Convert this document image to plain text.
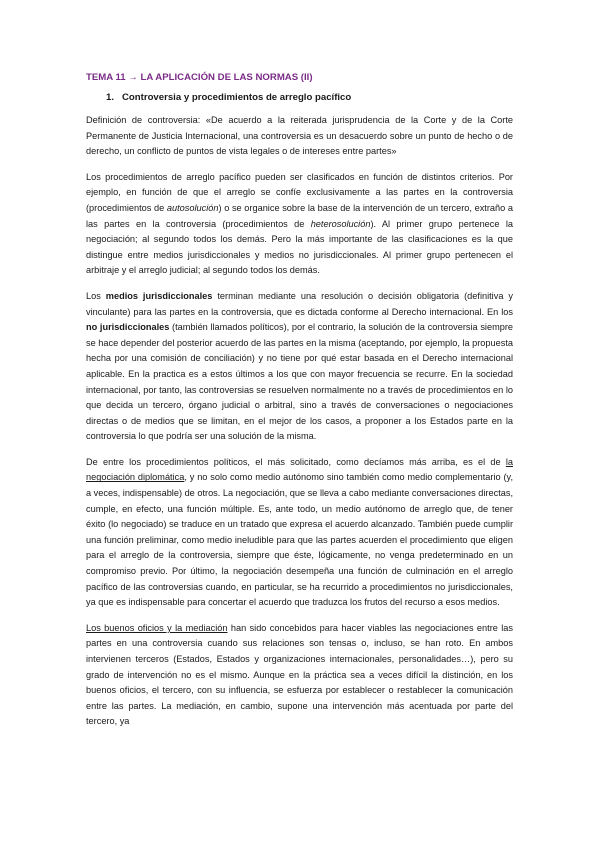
TEMA 11 → LA APLICACIÓN DE LAS NORMAS (II)
1. Controversia y procedimientos de arreglo pacífico

Definición de controversia: «De acuerdo a la reiterada jurisprudencia de la Corte y de la Corte Permanente de Justicia Internacional, una controversia es un desacuerdo sobre un punto de hecho o de derecho, un conflicto de puntos de vista legales o de intereses entre partes»

Los procedimientos de arreglo pacífico pueden ser clasificados en función de distintos criterios. Por ejemplo, en función de que el arreglo se confíe exclusivamente a las partes en la controversia (procedimientos de autosolución) o se organice sobre la base de la intervención de un tercero, extraño a las partes en la controversia (procedimientos de heterosolución). Al primer grupo pertenece la negociación; al segundo todos los demás. Pero la más importante de las clasificaciones es la que distingue entre medios jurisdiccionales y medios no jurisdiccionales. Al primer grupo pertenecen el arbitraje y el arreglo judicial; al segundo todos los demás.

Los medios jurisdiccionales terminan mediante una resolución o decisión obligatoria (definitiva y vinculante) para las partes en la controversia, que es dictada conforme al Derecho internacional. En los no jurisdiccionales (también llamados políticos), por el contrario, la solución de la controversia siempre se hace depender del posterior acuerdo de las partes en la misma (aceptando, por ejemplo, la propuesta hecha por una comisión de conciliación) y no tiene por qué estar basada en el Derecho internacional aplicable. En la practica es a estos últimos a los que con mayor frecuencia se recurre. En la sociedad internacional, por tanto, las controversias se resuelven normalmente no a través de procedimientos en lo que decida un tercero, órgano judicial o arbitral, sino a través de conversaciones o negociaciones directas o de medios que se limitan, en el mejor de los casos, a proponer a los Estados parte en la controversia lo que podría ser una solución de la misma.

De entre los procedimientos políticos, el más solicitado, como decíamos más arriba, es el de la negociación diplomática, y no solo como medio autónomo sino también como medio complementario (y, a veces, indispensable) de otros. La negociación, que se lleva a cabo mediante conversaciones directas, cumple, en efecto, una función múltiple. Es, ante todo, un medio autónomo de arreglo que, de tener éxito (lo negociado) se traduce en un tratado que expresa el acuerdo alcanzado. También puede cumplir una función preliminar, como medio ineludible para que las partes acuerden el procedimiento que eligen para el arreglo de la controversia, siempre que éste, lógicamente, no venga predeterminado en un compromiso previo. Por último, la negociación desempeña una función de culminación en el arreglo pacífico de las controversias cuando, en particular, se ha recurrido a procedimientos no jurisdiccionales, ya que es indispensable para concertar el acuerdo que traduzca los frutos del recurso a esos medios.

Los buenos oficios y la mediación han sido concebidos para hacer viables las negociaciones entre las partes en una controversia cuando sus relaciones son tensas o, incluso, se han roto. En ambos intervienen terceros (Estados, Estados y organizaciones internacionales, personalidades…), pero su grado de intervención no es el mismo. Aunque en la práctica sea a veces difícil la distinción, en los buenos oficios, el tercero, con su influencia, se esfuerza por establecer o restablecer la comunicación entre las partes. La mediación, en cambio, supone una intervención más acentuada por parte del tercero, ya
